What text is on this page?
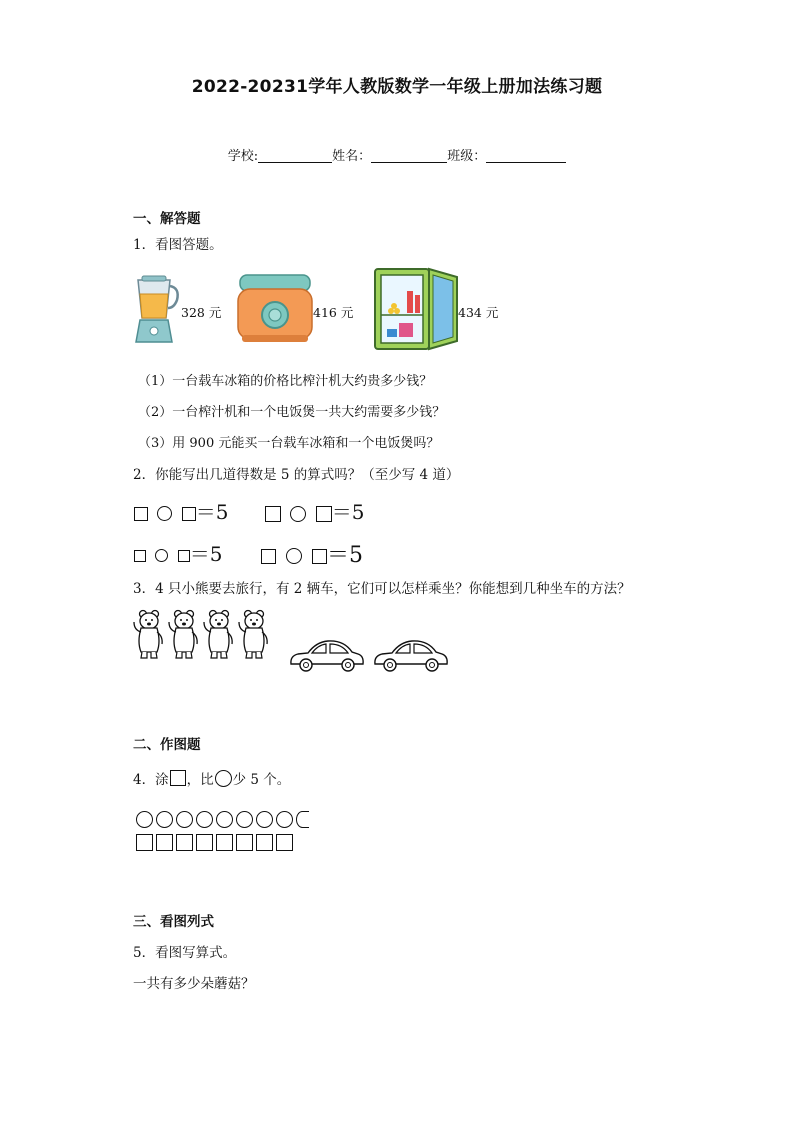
2022-20231学年人教版数学一年级上册加法练习题
学校:	姓名：	班级：
一、解答题
1．看图答题。
328 元	416 元	434 元
（1）一台载车冰箱的价格比榨汁机大约贵多少钱？
（2）一台榨汁机和一个电饭煲一共大约需要多少钱？
（3）用 900 元能买一台载车冰箱和一个电饭煲吗？
2．你能写出几道得数是 5 的算式吗？（至少写 4 道）
＝5	＝5
＝5	＝5
3．4 只小熊要去旅行，有 2 辆车，它们可以怎样乘坐？你能想到几种坐车的方法？
二、作图题
4．涂 ，比 少 5 个。
三、看图列式
5．看图写算式。
一共有多少朵蘑菇？
